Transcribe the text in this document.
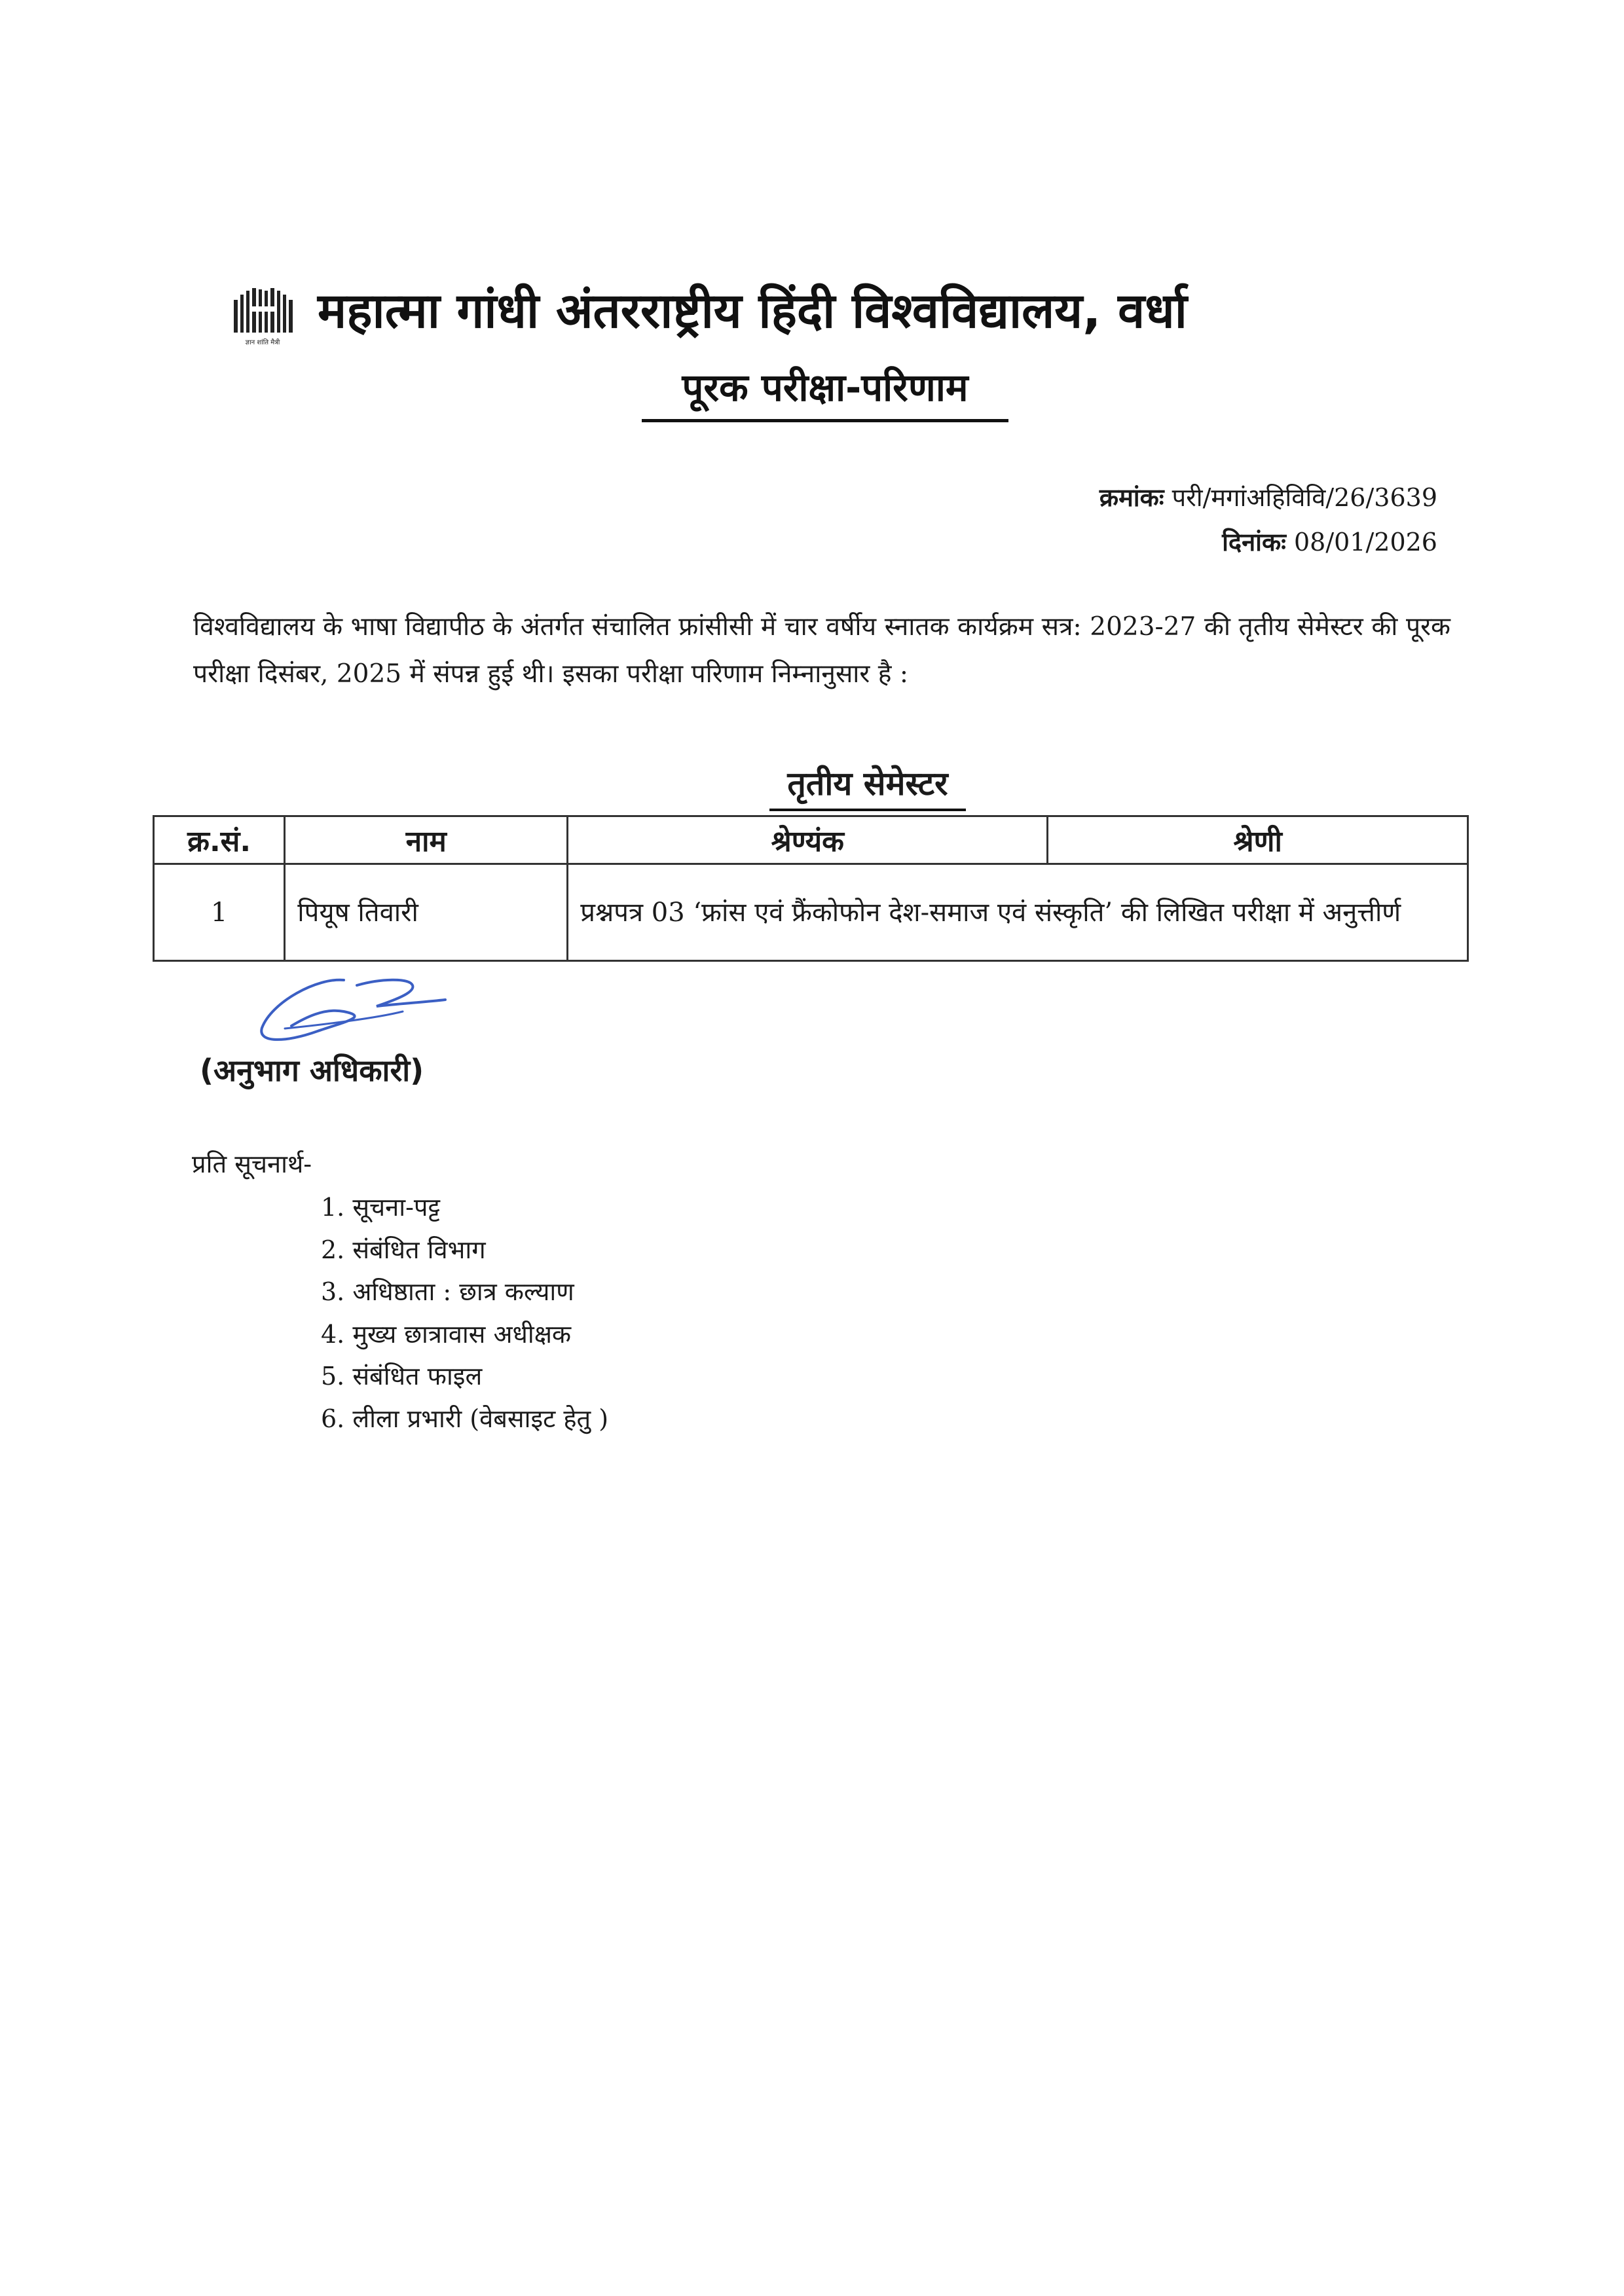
ज्ञान शांति मैत्री
महात्मा गांधी अंतरराष्ट्रीय हिंदी विश्वविद्यालय, वर्धा
पूरक परीक्षा-परिणाम
क्रमांकः परी/मगांअहिविवि/26/3639
दिनांकः 08/01/2026
विश्वविद्यालय के भाषा विद्यापीठ के अंतर्गत संचालित फ्रांसीसी में चार वर्षीय स्नातक कार्यक्रम सत्र: 2023-27 की तृतीय सेमेस्टर की पूरक परीक्षा दिसंबर, 2025 में संपन्न हुई थी। इसका परीक्षा परिणाम निम्नानुसार है :
तृतीय सेमेस्टर
क्र.सं.	नाम	श्रेण्यंक	श्रेणी
1	पियूष तिवारी	प्रश्नपत्र 03 ‘फ्रांस एवं फ्रैंकोफोन देश-समाज एवं संस्कृति’ की लिखित परीक्षा में अनुत्तीर्ण	
(अनुभाग अधिकारी)
प्रति सूचनार्थ-
1. सूचना-पट्ट
2. संबंधित विभाग
3. अधिष्ठाता : छात्र कल्याण
4. मुख्य छात्रावास अधीक्षक
5. संबंधित फाइल
6. लीला प्रभारी (वेबसाइट हेतु )
